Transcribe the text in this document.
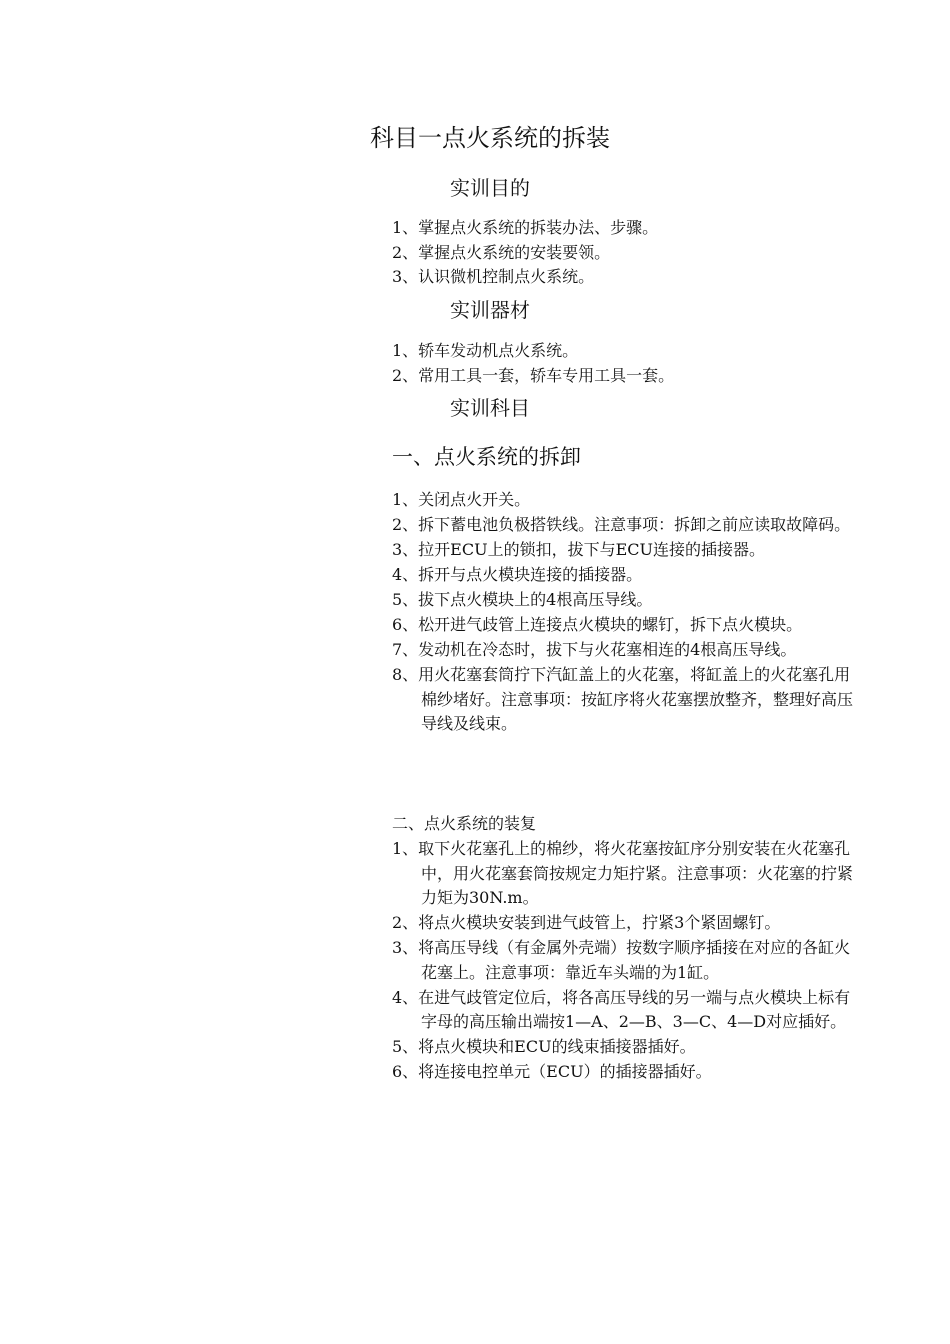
科目一点火系统的拆装
实训目的
1、掌握点火系统的拆装办法、步骤。
2、掌握点火系统的安装要领。
3、认识微机控制点火系统。
实训器材
1、轿车发动机点火系统。
2、常用工具一套，轿车专用工具一套。
实训科目
一、点火系统的拆卸
1、关闭点火开关。
2、拆下蓄电池负极搭铁线。注意事项：拆卸之前应读取故障码。
3、拉开ECU上的锁扣，拔下与ECU连接的插接器。
4、拆开与点火模块连接的插接器。
5、拔下点火模块上的4根高压导线。
6、松开进气歧管上连接点火模块的螺钉，拆下点火模块。
7、发动机在冷态时，拔下与火花塞相连的4根高压导线。
8、用火花塞套筒拧下汽缸盖上的火花塞，将缸盖上的火花塞孔用棉纱堵好。注意事项：按缸序将火花塞摆放整齐，整理好高压导线及线束。
二、点火系统的装复
1、取下火花塞孔上的棉纱，将火花塞按缸序分别安装在火花塞孔中，用火花塞套筒按规定力矩拧紧。注意事项：火花塞的拧紧力矩为30N.m。
2、将点火模块安装到进气歧管上，拧紧3个紧固螺钉。
3、将高压导线（有金属外壳端）按数字顺序插接在对应的各缸火花塞上。注意事项：靠近车头端的为1缸。
4、在进气歧管定位后，将各高压导线的另一端与点火模块上标有字母的高压输出端按1—A、2—B、3—C、4—D对应插好。
5、将点火模块和ECU的线束插接器插好。
6、将连接电控单元（ECU）的插接器插好。
